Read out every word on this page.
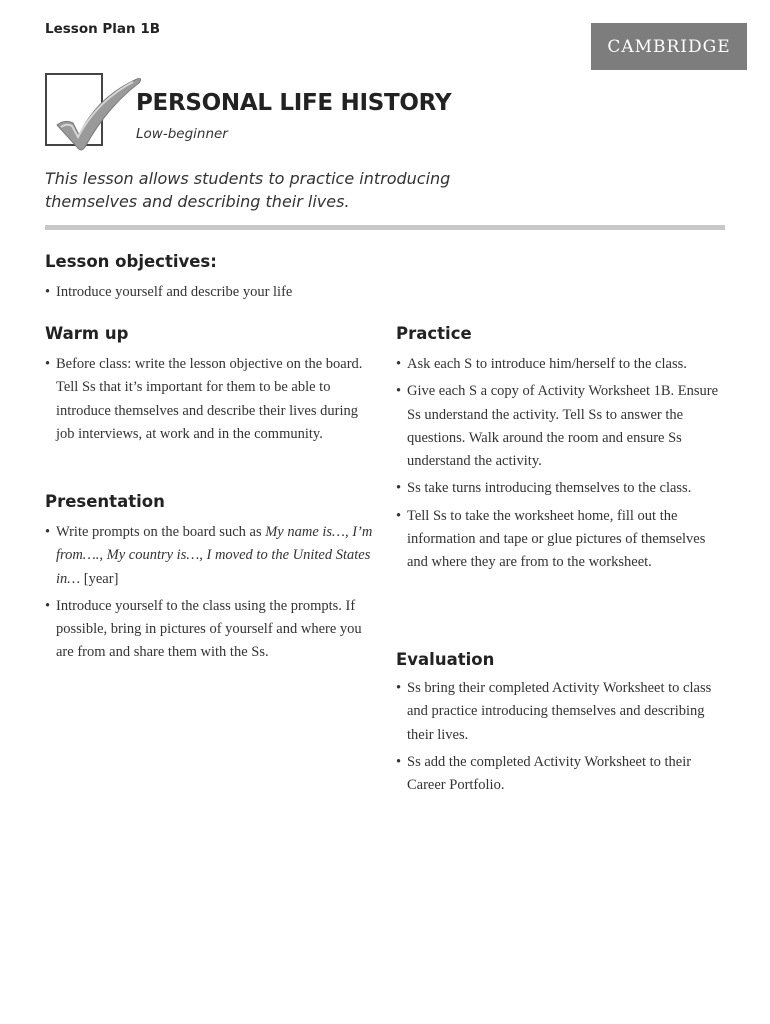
Lesson Plan 1B
CAMBRIDGE
PERSONAL LIFE HISTORY
Low-beginner
This lesson allows students to practice introducing themselves and describing their lives.
Lesson objectives:
• Introduce yourself and describe your life
Warm up
• Before class: write the lesson objective on the board. Tell Ss that it’s important for them to be able to introduce themselves and describe their lives during job interviews, at work and in the community.
Presentation
• Write prompts on the board such as My name is…, I’m from…., My country is…, I moved to the United States in… [year]
• Introduce yourself to the class using the prompts. If possible, bring in pictures of yourself and where you are from and share them with the Ss.
Practice
• Ask each S to introduce him/herself to the class.
• Give each S a copy of Activity Worksheet 1B. Ensure Ss understand the activity. Tell Ss to answer the questions. Walk around the room and ensure Ss understand the activity.
• Ss take turns introducing themselves to the class.
• Tell Ss to take the worksheet home, fill out the information and tape or glue pictures of themselves and where they are from to the worksheet.
Evaluation
• Ss bring their completed Activity Worksheet to class and practice introducing themselves and describing their lives.
• Ss add the completed Activity Worksheet to their Career Portfolio.
